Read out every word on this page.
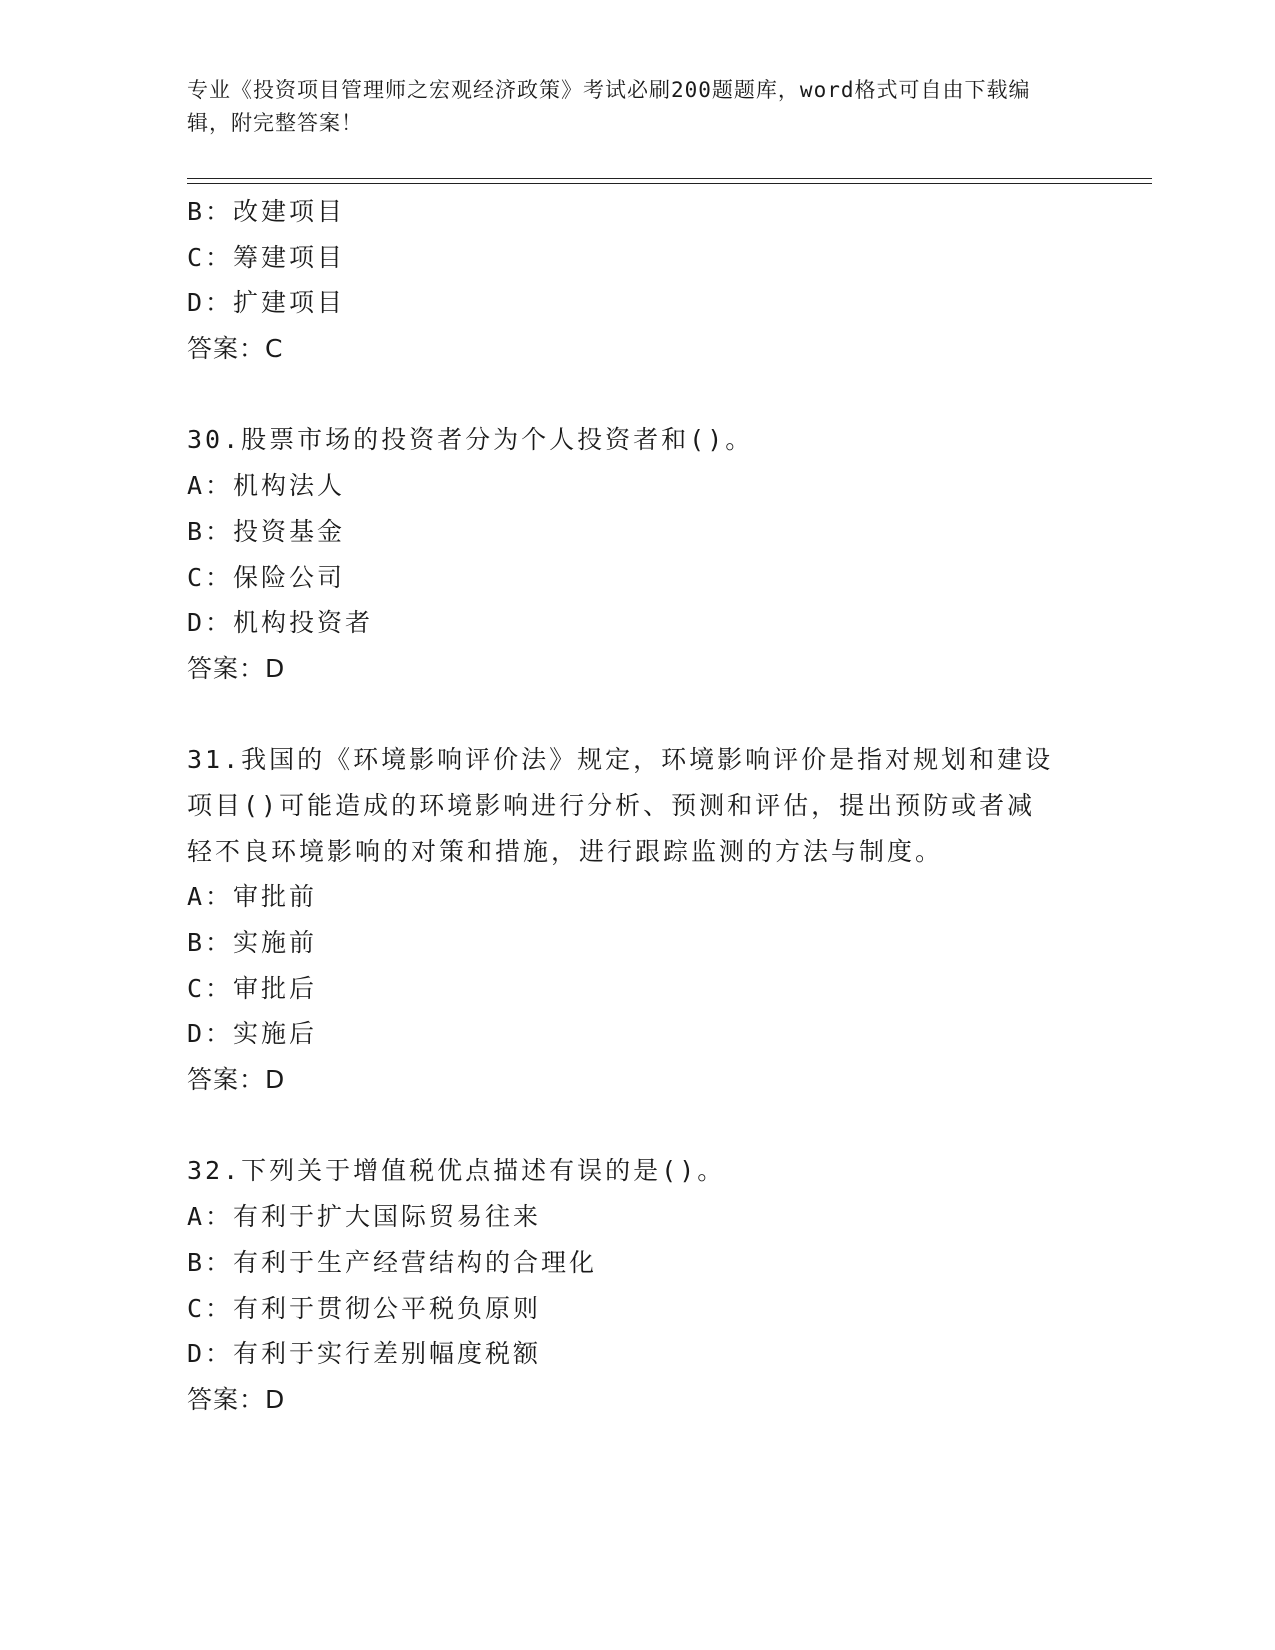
专业《投资项目管理师之宏观经济政策》考试必刷200题题库，word格式可自由下载编辑，附完整答案！
B：改建项目
C：筹建项目
D：扩建项目
答案：C
30.股票市场的投资者分为个人投资者和()。
A：机构法人
B：投资基金
C：保险公司
D：机构投资者
答案：D
31.我国的《环境影响评价法》规定，环境影响评价是指对规划和建设
项目()可能造成的环境影响进行分析、预测和评估，提出预防或者减
轻不良环境影响的对策和措施，进行跟踪监测的方法与制度。
A：审批前
B：实施前
C：审批后
D：实施后
答案：D
32.下列关于增值税优点描述有误的是()。
A：有利于扩大国际贸易往来
B：有利于生产经营结构的合理化
C：有利于贯彻公平税负原则
D：有利于实行差别幅度税额
答案：D
